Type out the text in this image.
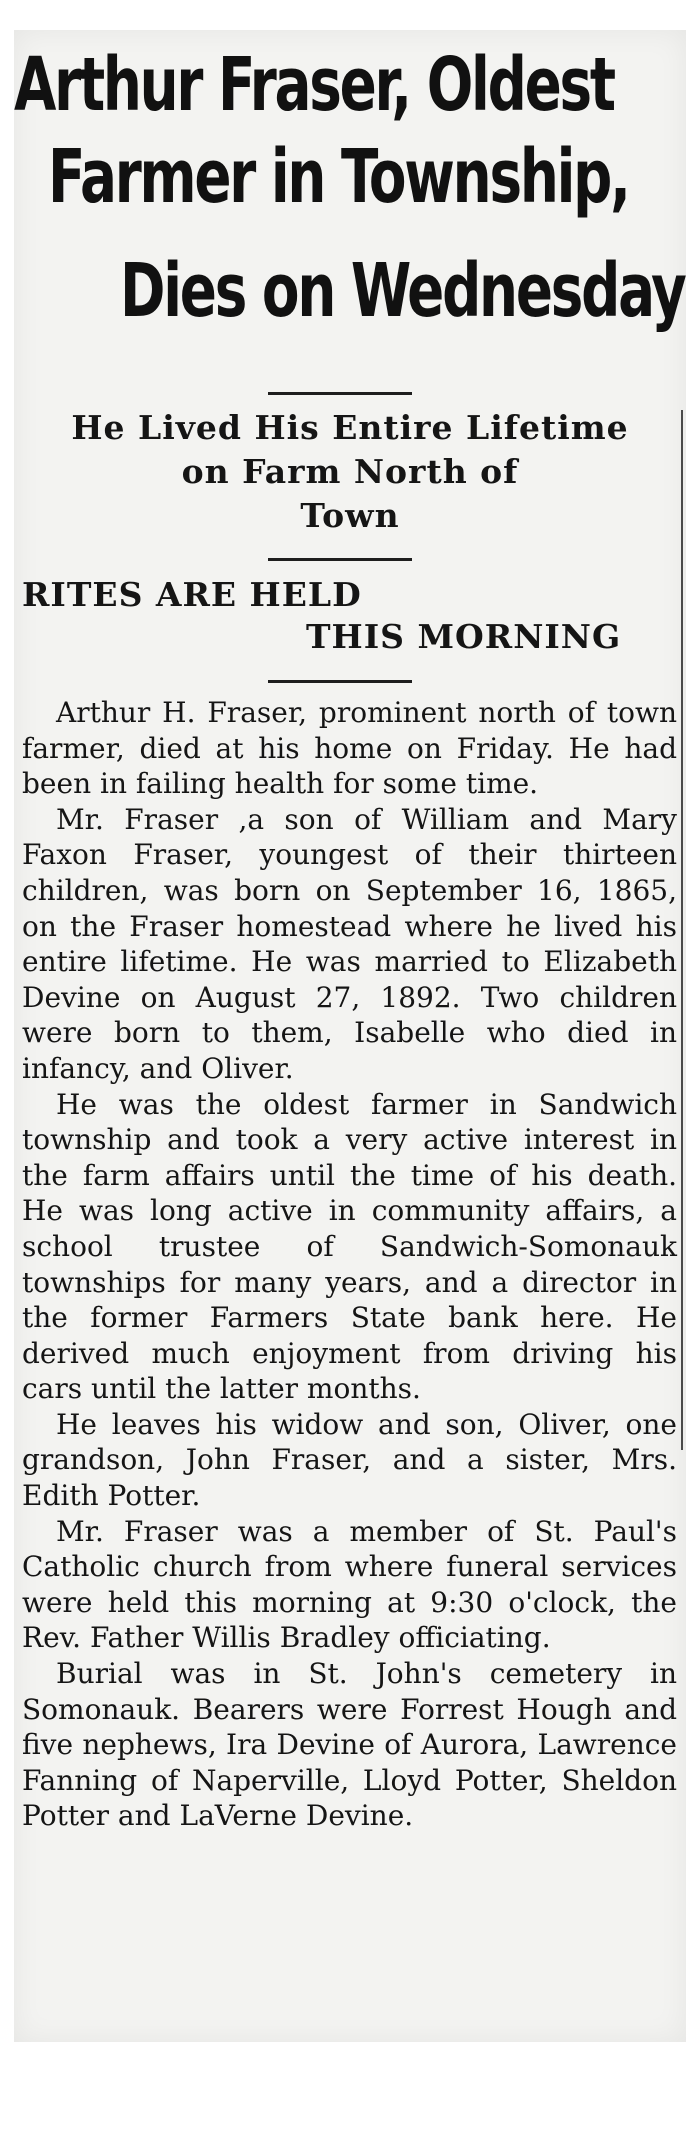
Arthur Fraser, Oldest
Farmer in Township,
Dies on Wednesday
He Lived His Entire Lifetime
on Farm North of
Town
RITES ARE HELD
THIS MORNING

Arthur H. Fraser, prominent north of town farmer, died at his home on Friday. He had been in failing health for some time.

Mr. Fraser ,a son of William and Mary Faxon Fraser, youngest of their thirteen children, was born on September 16, 1865, on the Fraser homestead where he lived his entire lifetime. He was married to Elizabeth Devine on August 27, 1892. Two children were born to them, Isabelle who died in infancy, and Oliver.

He was the oldest farmer in Sandwich township and took a very active interest in the farm affairs until the time of his death. He was long active in community affairs, a school trustee of Sandwich-Somonauk townships for many years, and a director in the former Farmers State bank here. He derived much enjoyment from driving his cars until the latter months.

He leaves his widow and son, Oliver, one grandson, John Fraser, and a sister, Mrs. Edith Potter.

Mr. Fraser was a member of St. Paul's Catholic church from where funeral services were held this morning at 9:30 o'clock, the Rev. Father Willis Bradley officiating.

Burial was in St. John's cemetery in Somonauk. Bearers were Forrest Hough and five nephews, Ira Devine of Aurora, Lawrence Fanning of Naperville, Lloyd Potter, Sheldon Potter and LaVerne Devine.
